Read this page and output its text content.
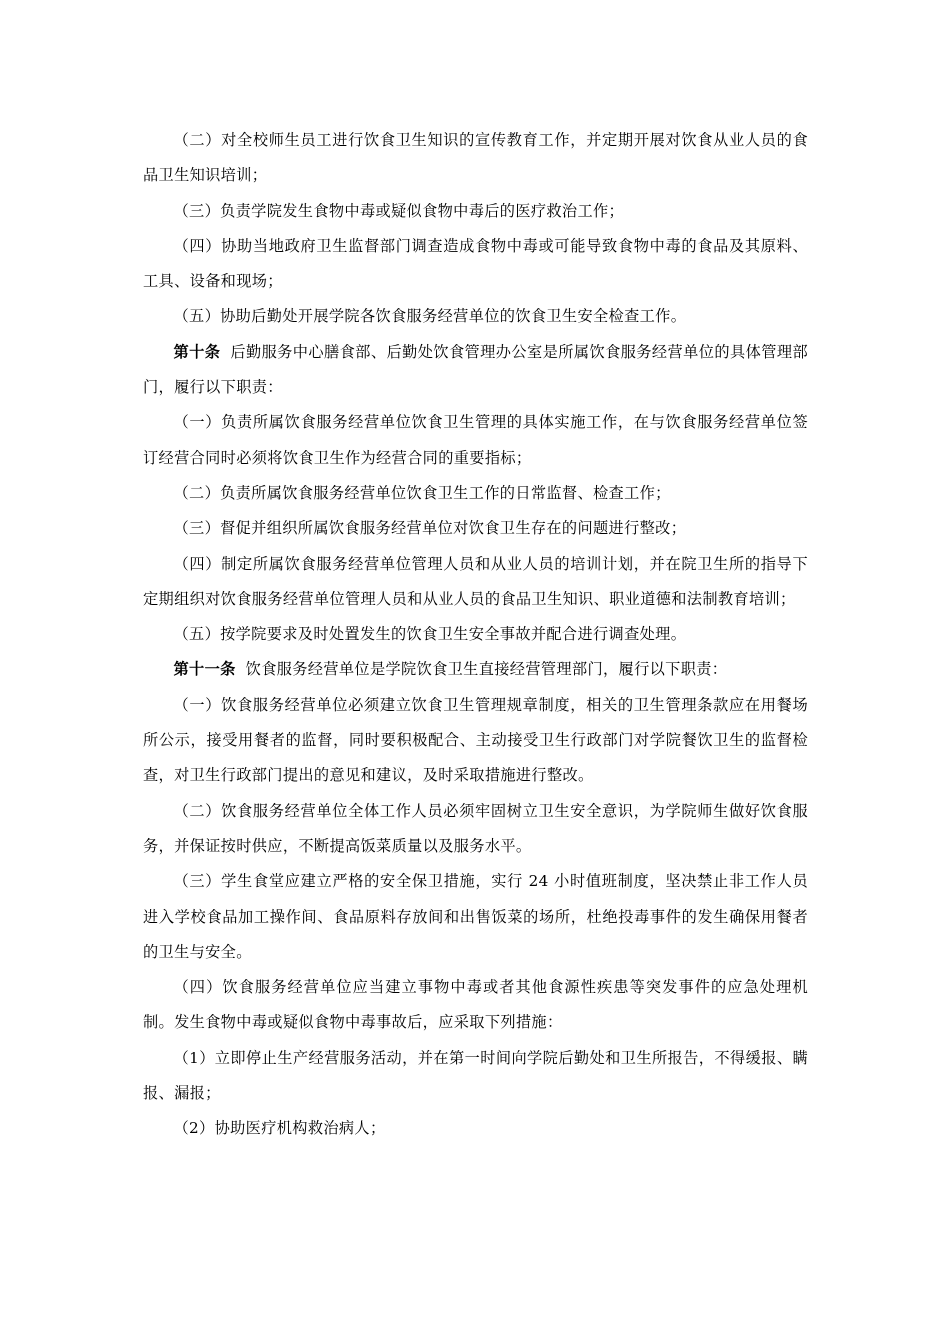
（二）对全校师生员工进行饮食卫生知识的宣传教育工作，并定期开展对饮食从业人员的食品卫生知识培训；

（三）负责学院发生食物中毒或疑似食物中毒后的医疗救治工作；

（四）协助当地政府卫生监督部门调查造成食物中毒或可能导致食物中毒的食品及其原料、工具、设备和现场；

（五）协助后勤处开展学院各饮食服务经营单位的饮食卫生安全检查工作。

第十条 后勤服务中心膳食部、后勤处饮食管理办公室是所属饮食服务经营单位的具体管理部门，履行以下职责：

（一）负责所属饮食服务经营单位饮食卫生管理的具体实施工作，在与饮食服务经营单位签订经营合同时必须将饮食卫生作为经营合同的重要指标；

（二）负责所属饮食服务经营单位饮食卫生工作的日常监督、检查工作；

（三）督促并组织所属饮食服务经营单位对饮食卫生存在的问题进行整改；

（四）制定所属饮食服务经营单位管理人员和从业人员的培训计划，并在院卫生所的指导下定期组织对饮食服务经营单位管理人员和从业人员的食品卫生知识、职业道德和法制教育培训；

（五）按学院要求及时处置发生的饮食卫生安全事故并配合进行调查处理。

第十一条 饮食服务经营单位是学院饮食卫生直接经营管理部门，履行以下职责：

（一）饮食服务经营单位必须建立饮食卫生管理规章制度，相关的卫生管理条款应在用餐场所公示，接受用餐者的监督，同时要积极配合、主动接受卫生行政部门对学院餐饮卫生的监督检查，对卫生行政部门提出的意见和建议，及时采取措施进行整改。

（二）饮食服务经营单位全体工作人员必须牢固树立卫生安全意识，为学院师生做好饮食服务，并保证按时供应，不断提高饭菜质量以及服务水平。

（三）学生食堂应建立严格的安全保卫措施，实行 24 小时值班制度，坚决禁止非工作人员进入学校食品加工操作间、食品原料存放间和出售饭菜的场所，杜绝投毒事件的发生确保用餐者的卫生与安全。

（四）饮食服务经营单位应当建立事物中毒或者其他食源性疾患等突发事件的应急处理机制。发生食物中毒或疑似食物中毒事故后，应采取下列措施：

（1）立即停止生产经营服务活动，并在第一时间向学院后勤处和卫生所报告，不得缓报、瞒报、漏报；

（2）协助医疗机构救治病人；
